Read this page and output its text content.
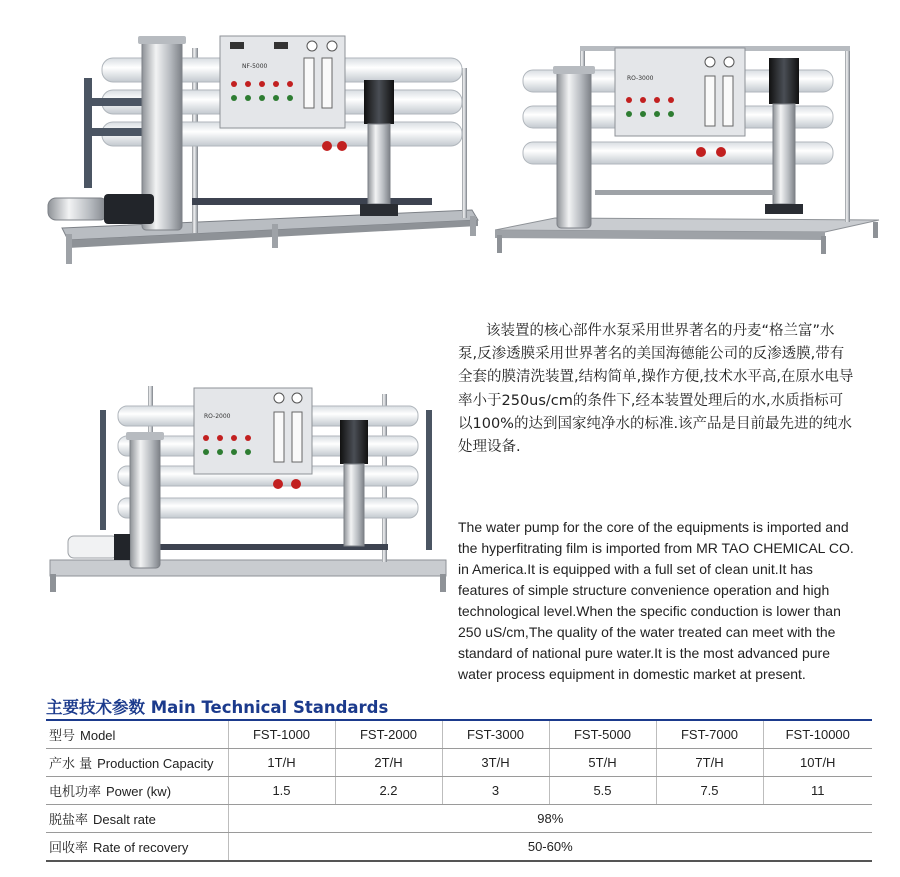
NF-5000
RO-3000
RO-2000

该装置的核心部件水泵采用世界著名的丹麦“格兰富”水
泵,反渗透膜采用世界著名的美国海德能公司的反渗透膜,带有
全套的膜清洗装置,结构简单,操作方便,技术水平高,在原水电导
率小于250us/cm的条件下,经本装置处理后的水,水质指标可
以100%的达到国家纯净水的标准.该产品是目前最先进的纯水
处理设备.

The water pump for the core of the equipments is imported and
the hyperfitrating film is imported from MR TAO CHEMICAL CO.
in America.It is equipped with a full set of clean unit.It has
features of simple structure convenience operation and high
technological level.When the specific conduction is lower than
250 uS/cm,The quality of the water treated can meet with the
standard of national pure water.It is the most advanced pure
water process equipment in domestic market at present.

主要技术参数 Main Technical Standards
型号 Model	FST-1000	FST-2000	FST-3000	FST-5000	FST-7000	FST-10000
产水 量 Production Capacity	1T/H	2T/H	3T/H	5T/H	7T/H	10T/H
电机功率 Power (kw)	1.5	2.2	3	5.5	7.5	11
脱盐率 Desalt rate	98%					
回收率 Rate of recovery	50-60%					
